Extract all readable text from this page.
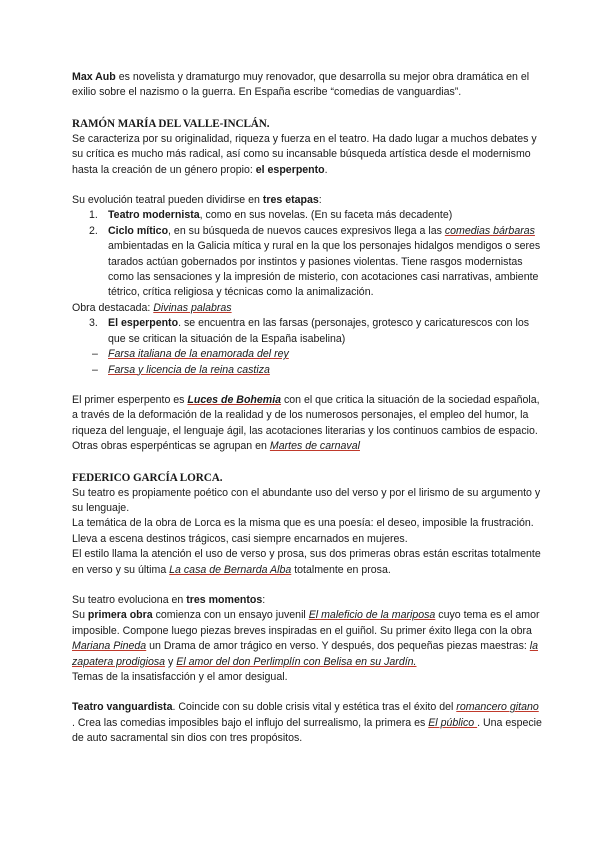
Max Aub es novelista y dramaturgo muy renovador, que desarrolla su mejor obra dramática en el exilio sobre el nazismo o la guerra. En España escribe “comedias de vanguardias”.

RAMÓN MARÍA DEL VALLE-INCLÁN.

Se caracteriza por su originalidad, riqueza y fuerza en el teatro. Ha dado lugar a muchos debates y su crítica es mucho más radical, así como su incansable búsqueda artística desde el modernismo hasta la creación de un género propio: el esperpento.

Su evolución teatral pueden dividirse en tres etapas:

1. Teatro modernista, como en sus novelas. (En su faceta más decadente)
2. Ciclo mítico, en su búsqueda de nuevos cauces expresivos llega a las comedias bárbaras ambientadas en la Galicia mítica y rural en la que los personajes hidalgos mendigos o seres tarados actúan gobernados por instintos y pasiones violentas. Tiene rasgos modernistas como las sensaciones y la impresión de misterio, con acotaciones casi narrativas, ambiente tétrico, crítica religiosa y técnicas como la animalización.

Obra destacada: Divinas palabras

3. El esperpento. se encuentra en las farsas (personajes, grotesco y caricaturescos con los que se critican la situación de la España isabelina)
– Farsa italiana de la enamorada del rey
– Farsa y licencia de la reina castiza

El primer esperpento es Luces de Bohemia con el que critica la situación de la sociedad española, a través de la deformación de la realidad y de los numerosos personajes, el empleo del humor, la riqueza del lenguaje, el lenguaje ágil, las acotaciones literarias y los continuos cambios de espacio.

Otras obras esperpénticas se agrupan en Martes de carnaval

FEDERICO GARCÍA LORCA.

Su teatro es propiamente poético con el abundante uso del verso y por el lirismo de su argumento y su lenguaje.

La temática de la obra de Lorca es la misma que es una poesía: el deseo, imposible la frustración. Lleva a escena destinos trágicos, casi siempre encarnados en mujeres.

El estilo llama la atención el uso de verso y prosa, sus dos primeras obras están escritas totalmente en verso y su última La casa de Bernarda Alba totalmente en prosa.

Su teatro evoluciona en tres momentos:

Su primera obra comienza con un ensayo juvenil El maleficio de la mariposa cuyo tema es el amor imposible. Compone luego piezas breves inspiradas en el guiñol. Su primer éxito llega con la obra Mariana Pineda un Drama de amor trágico en verso. Y después, dos pequeñas piezas maestras: la zapatera prodigiosa y El amor del don Perlimplín con Belisa en su Jardín.

Temas de la insatisfacción y el amor desigual.

Teatro vanguardista. Coincide con su doble crisis vital y estética tras el éxito del romancero gitano . Crea las comedias imposibles bajo el influjo del surrealismo, la primera es El público . Una especie de auto sacramental sin dios con tres propósitos.
